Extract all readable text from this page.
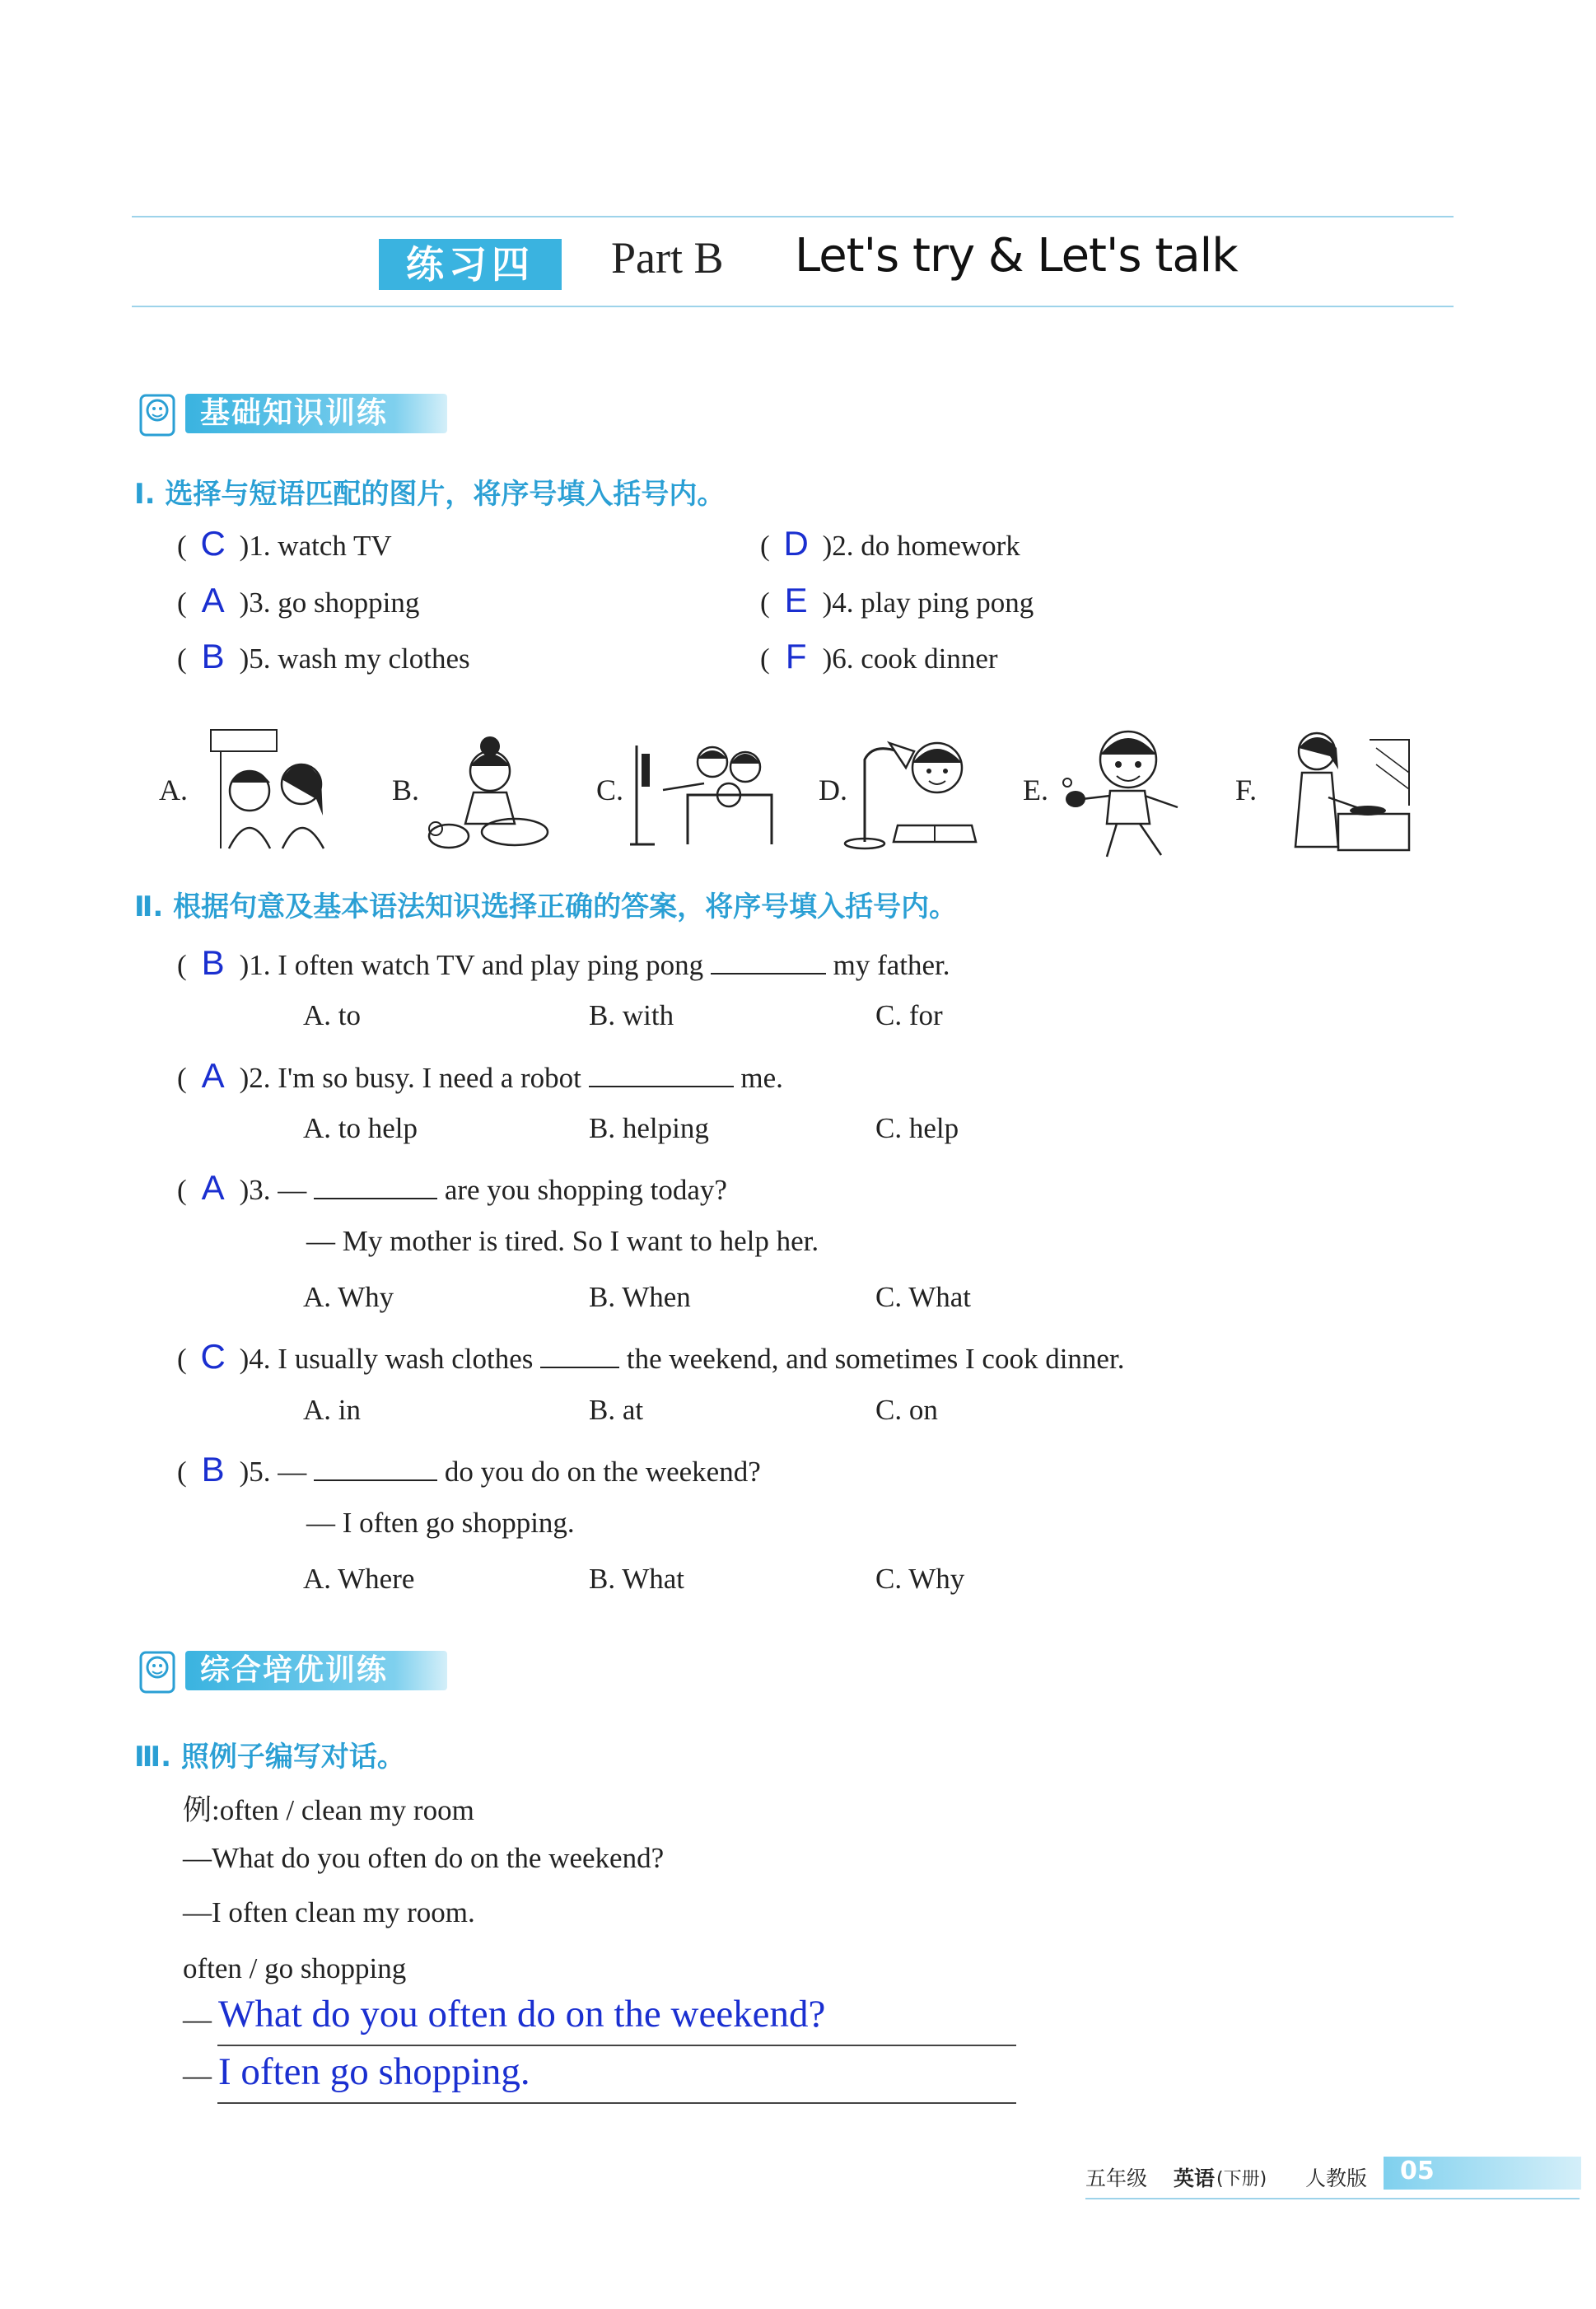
练习四	Part B Let's try & Let's talk
基础知识训练
Ⅰ. 选择与短语匹配的图片，将序号填入括号内。
( C )1. watch TV	( D )2. do homework
( A )3. go shopping	( E )4. play ping pong
( B )5. wash my clothes	( F )6. cook dinner
A.	B.	C.	D.	E.	F.
Ⅱ. 根据句意及基本语法知识选择正确的答案，将序号填入括号内。
( B )1. I often watch TV and play ping pong	my father.
A. to	B. with	C. for
( A )2. I'm so busy. I need a robot	me.
A. to help	B. helping	C. help
( A )3. —	are you shopping today?
— My mother is tired. So I want to help her.
A. Why	B. When	C. What
( C )4. I usually wash clothes	the weekend, and sometimes I cook dinner.
A. in	B. at	C. on
( B )5. —	do you do on the weekend?
— I often go shopping.
A. Where	B. What	C. Why
综合培优训练
Ⅲ. 照例子编写对话。
例:often / clean my room
—What do you often do on the weekend?
—I often clean my room.
often / go shopping
— What do you often do on the weekend?
— I often go shopping.
五年级 英语 (下册) 人教版 05
